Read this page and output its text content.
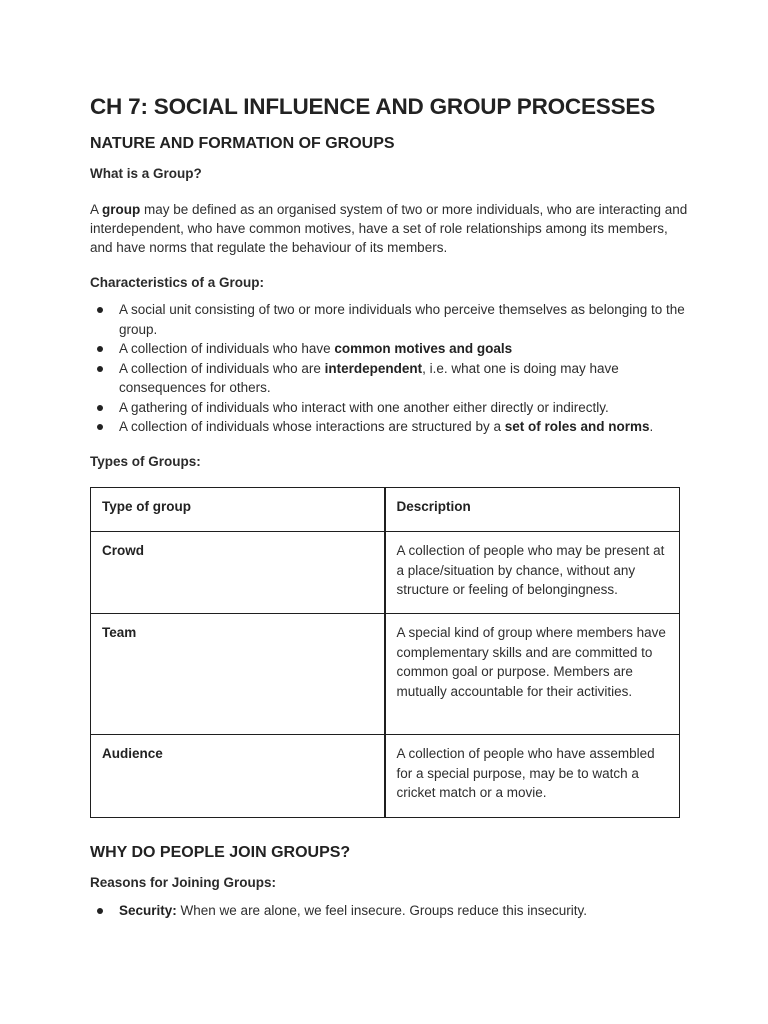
CH 7: SOCIAL INFLUENCE AND GROUP PROCESSES
NATURE AND FORMATION OF GROUPS
What is a Group?

A group may be defined as an organised system of two or more individuals, who are interacting and interdependent, who have common motives, have a set of role relationships among its members, and have norms that regulate the behaviour of its members.

Characteristics of a Group:
A social unit consisting of two or more individuals who perceive themselves as belonging to the group.
A collection of individuals who have common motives and goals
A collection of individuals who are interdependent, i.e. what one is doing may have consequences for others.
A gathering of individuals who interact with one another either directly or indirectly.
A collection of individuals whose interactions are structured by a set of roles and norms.
Types of Groups:
Type of group	Description
Crowd	A collection of people who may be present at a place/situation by chance, without any structure or feeling of belongingness.
Team	A special kind of group where members have complementary skills and are committed to common goal or purpose. Members are mutually accountable for their activities.
Audience	A collection of people who have assembled for a special purpose, may be to watch a cricket match or a movie.
WHY DO PEOPLE JOIN GROUPS?
Reasons for Joining Groups:
Security: When we are alone, we feel insecure. Groups reduce this insecurity.
